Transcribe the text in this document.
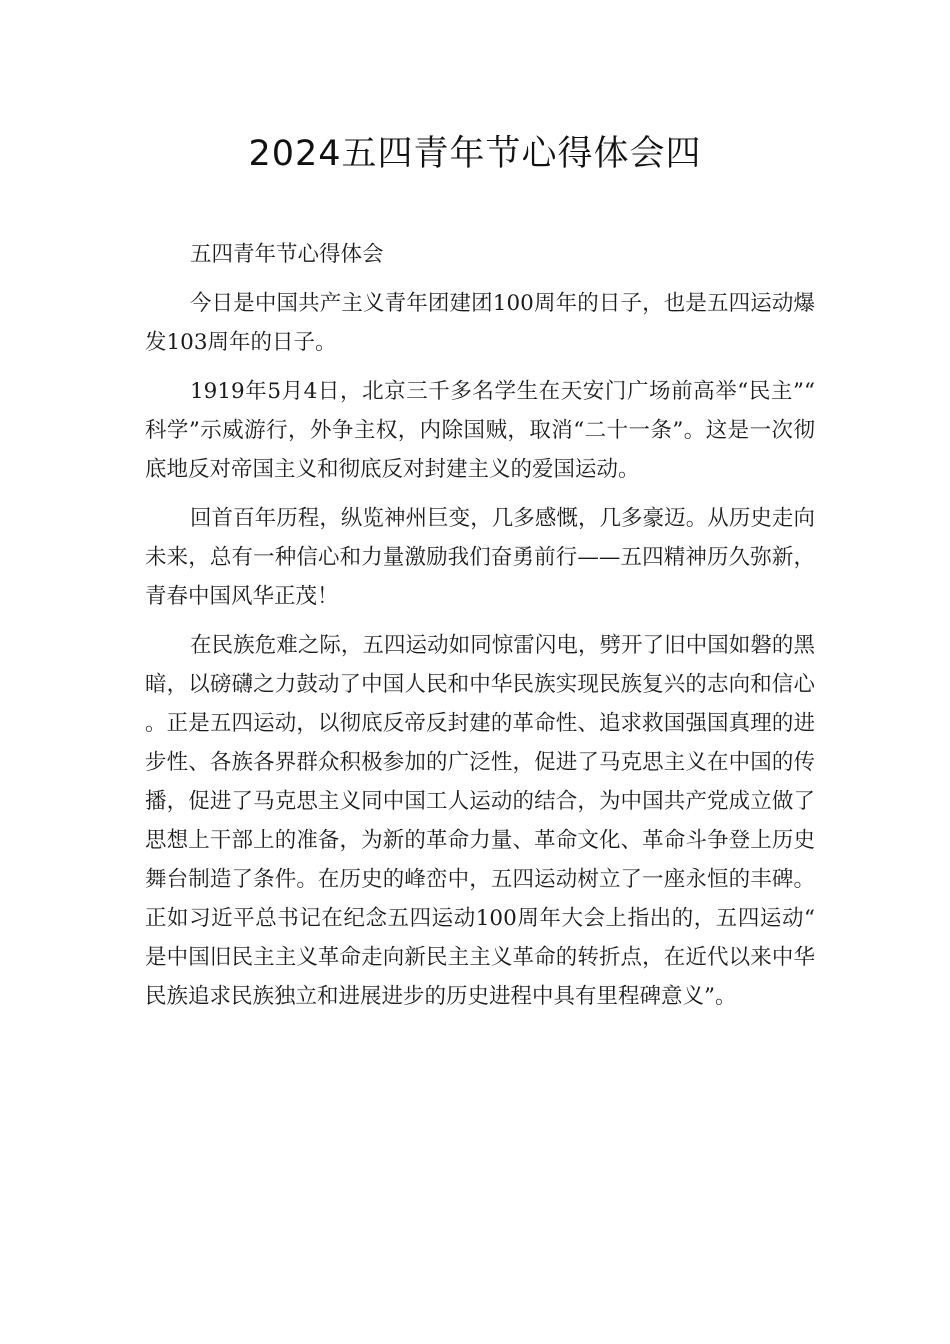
2024五四青年节心得体会四

五四青年节心得体会

今日是中国共产主义青年团建团100周年的日子，也是五四运动爆发103周年的日子。

1919年5月4日，北京三千多名学生在天安门广场前高举“民主”“科学”示威游行，外争主权，内除国贼，取消“二十一条”。这是一次彻底地反对帝国主义和彻底反对封建主义的爱国运动。

回首百年历程，纵览神州巨变，几多感慨，几多豪迈。从历史走向未来，总有一种信心和力量激励我们奋勇前行——五四精神历久弥新，青春中国风华正茂！

在民族危难之际，五四运动如同惊雷闪电，劈开了旧中国如磐的黑暗，以磅礴之力鼓动了中国人民和中华民族实现民族复兴的志向和信心。正是五四运动，以彻底反帝反封建的革命性、追求救国强国真理的进步性、各族各界群众积极参加的广泛性，促进了马克思主义在中国的传播，促进了马克思主义同中国工人运动的结合，为中国共产党成立做了思想上干部上的准备，为新的革命力量、革命文化、革命斗争登上历史舞台制造了条件。在历史的峰峦中，五四运动树立了一座永恒的丰碑。正如习近平总书记在纪念五四运动100周年大会上指出的，五四运动“是中国旧民主主义革命走向新民主主义革命的转折点，在近代以来中华民族追求民族独立和进展进步的历史进程中具有里程碑意义”。
